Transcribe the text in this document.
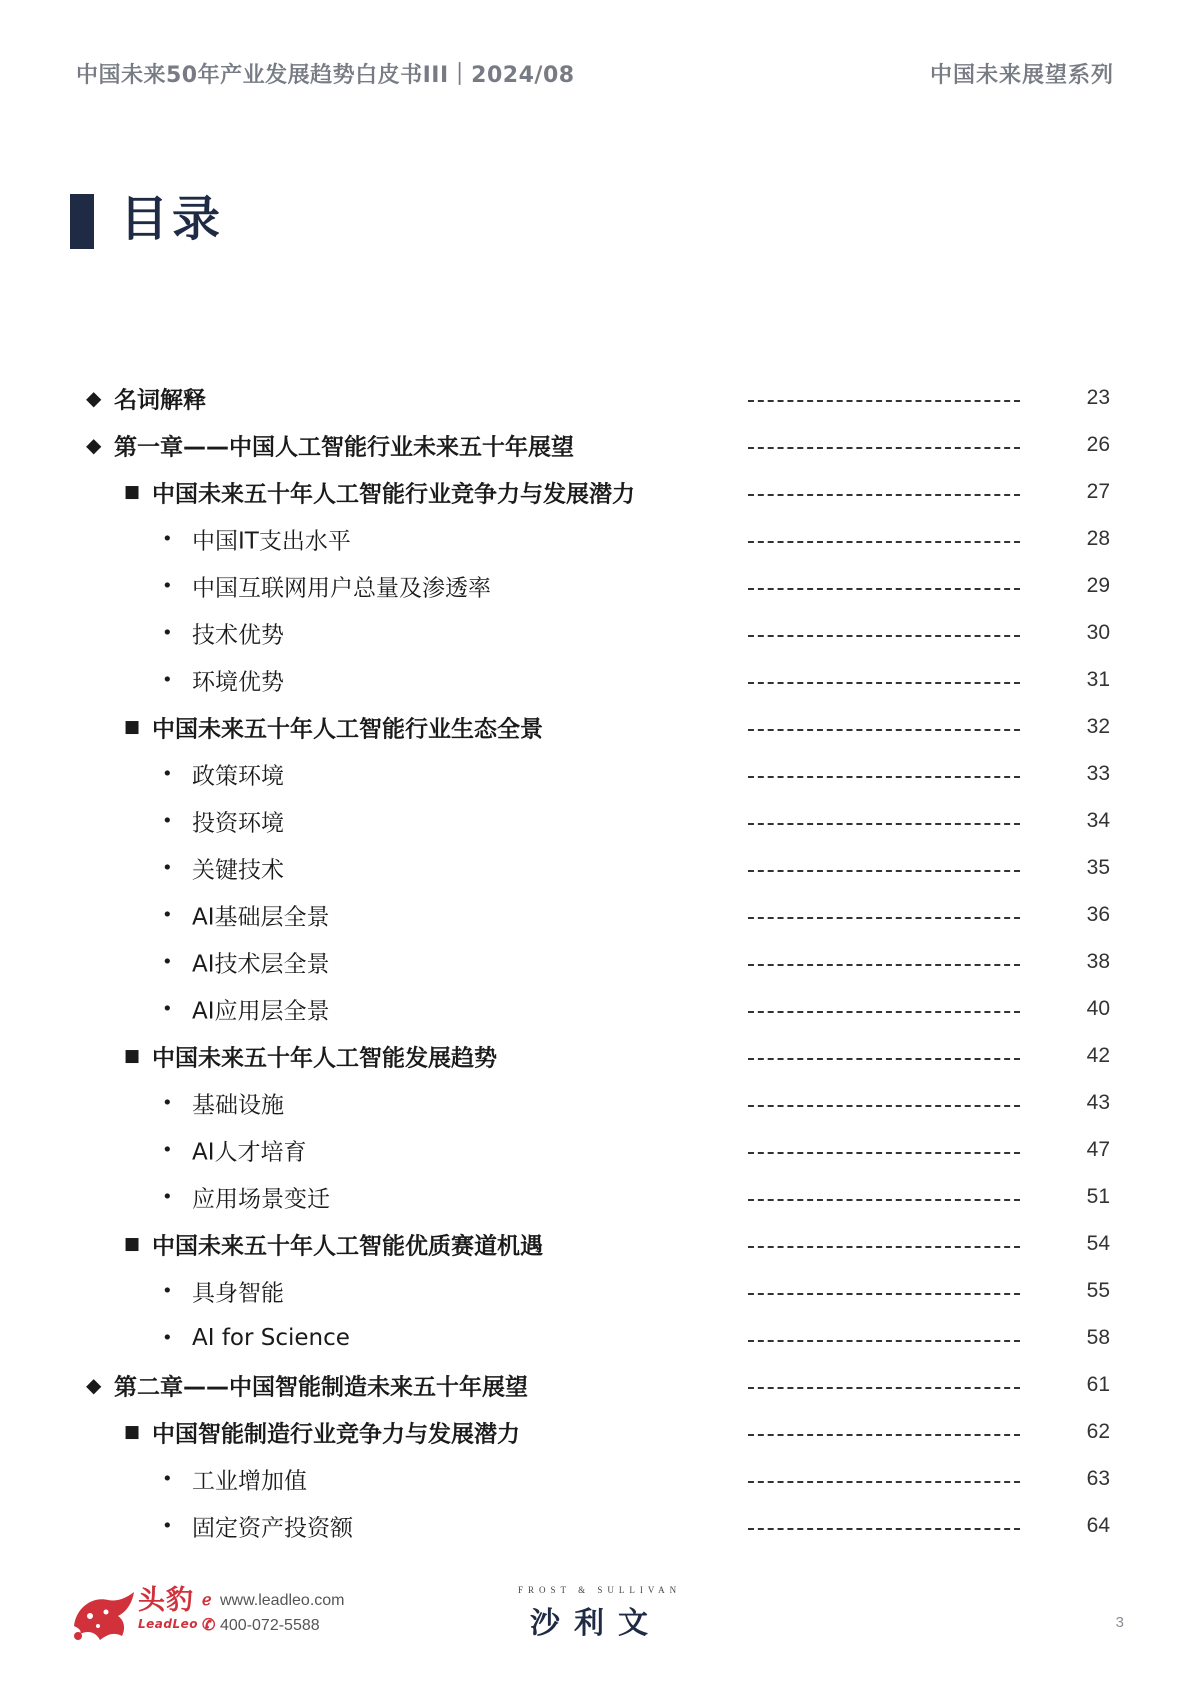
中国未来50年产业发展趋势白皮书III｜2024/08	中国未来展望系列
目录
◆ 名词解释	23
◆ 第一章——中国人工智能行业未来五十年展望	26
■ 中国未来五十年人工智能行业竞争力与发展潜力	27
• 中国IT支出水平	28
• 中国互联网用户总量及渗透率	29
• 技术优势	30
• 环境优势	31
■ 中国未来五十年人工智能行业生态全景	32
• 政策环境	33
• 投资环境	34
• 关键技术	35
• AI基础层全景	36
• AI技术层全景	38
• AI应用层全景	40
■ 中国未来五十年人工智能发展趋势	42
• 基础设施	43
• AI人才培育	47
• 应用场景变迁	51
■ 中国未来五十年人工智能优质赛道机遇	54
• 具身智能	55
• AI for Science	58
◆ 第二章——中国智能制造未来五十年展望	61
■ 中国智能制造行业竞争力与发展潜力	62
• 工业增加值	63
• 固定资产投资额	64
头豹
LeadLeo
ℯ www.leadleo.com
✆ 400-072-5588
FROST & SULLIVAN
沙利文	3
